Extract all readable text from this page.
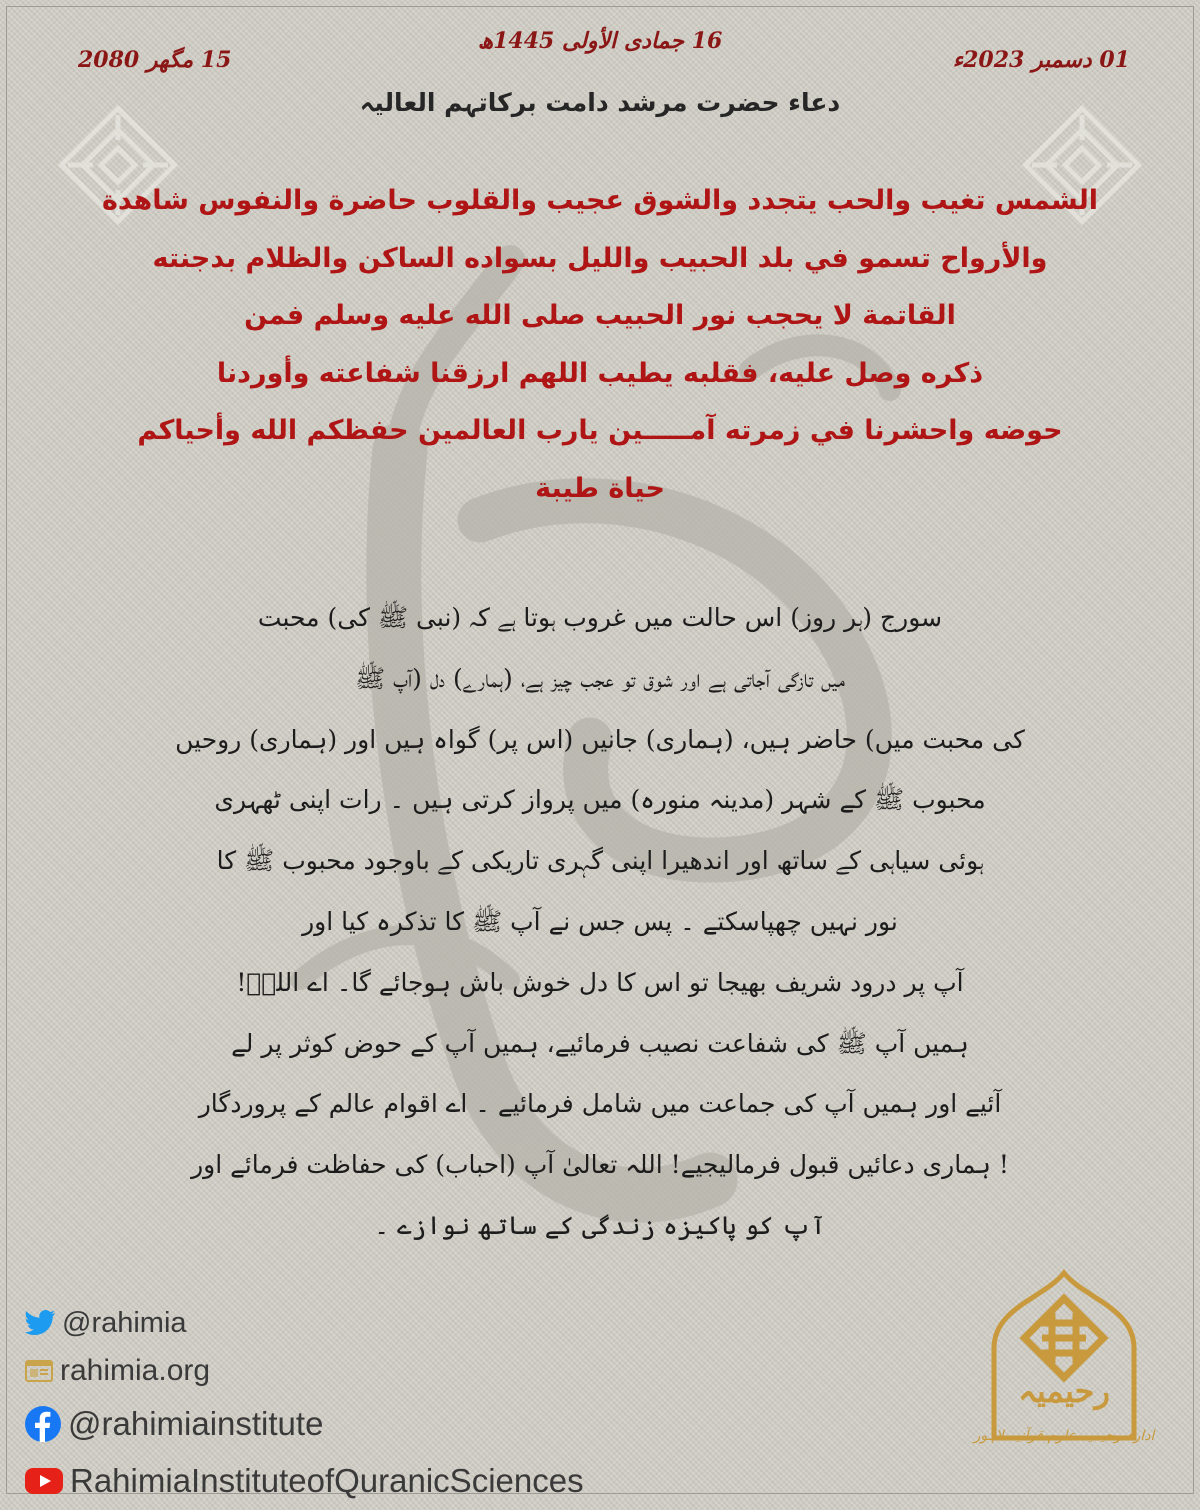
16 جمادی الأولی 1445ھ
01 دسمبر 2023ء
15 مگھر 2080
دعاء حضرت مرشد دامت برکاتہم العالیہ
الشمس تغيب والحب يتجدد والشوق عجيب والقلوب حاضرة والنفوس شاهدة
والأرواح تسمو في بلد الحبيب والليل بسواده الساكن والظلام بدجنته
القاتمة لا يحجب نور الحبيب صلى الله عليه وسلم فمن
ذكره وصل عليه، فقلبه يطيب اللهم ارزقنا شفاعته وأوردنا
حوضه واحشرنا في زمرته آمـــــين يارب العالمين حفظكم الله وأحياكم
حياة طيبة
سورج (ہر روز) اس حالت میں غروب ہوتا ہے کہ (نبی ﷺ کی) محبت
میں تازگی آجاتی ہے اور شوق تو عجب چیز ہے، (ہمارے) دل (آپ ﷺ
کی محبت میں) حاضر ہیں، (ہماری) جانیں (اس پر) گواہ ہیں اور (ہماری) روحیں
محبوب ﷺ کے شہر (مدینہ منورہ) میں پرواز کرتی ہیں ۔ رات اپنی ٹھہری
ہوئی سیاہی کے ساتھ اور اندھیرا اپنی گہری تاریکی کے باوجود محبوب ﷺ کا
نور نہیں چھپاسکتے ۔ پس جس نے آپ ﷺ کا تذکرہ کیا اور
آپ پر درود شریف بھیجا تو اس کا دل خوش باش ہوجائے گا۔ اے اللہؐ!
ہمیں آپ ﷺ کی شفاعت نصیب فرمائیے، ہمیں آپ کے حوض کوثر پر لے
آئیے اور ہمیں آپ کی جماعت میں شامل فرمائیے ۔ اے اقوام عالم کے پروردگار
! ہماری دعائیں قبول فرمالیجیے! اللہ تعالیٰ آپ (احباب) کی حفاظت فرمائے اور
آپ کو پاکیزہ زندگی کے ساتھ نوازے ۔
@rahimia
rahimia.org
@rahimiainstitute
RahimiaInstituteofQuranicSciences
رحیمیہ
ادارہ رحیمیہ علوم قرآنیہ لاہور
